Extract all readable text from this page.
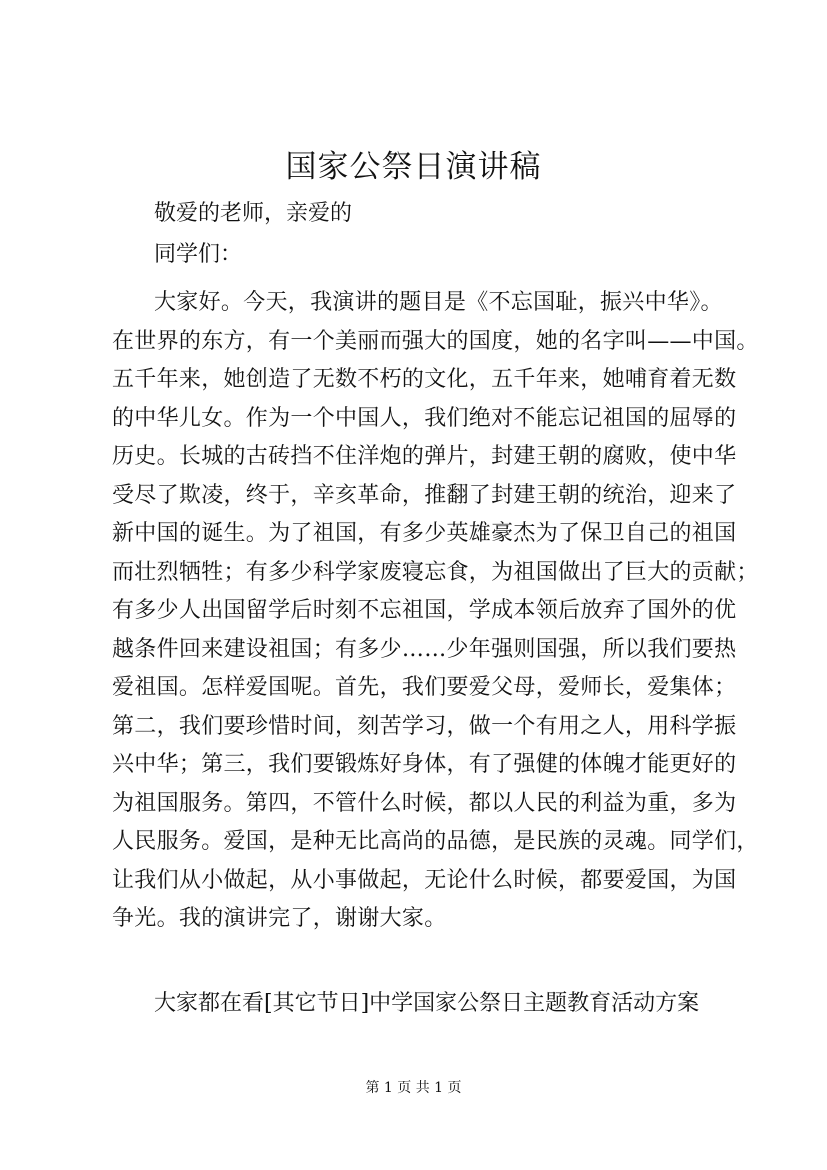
国家公祭日演讲稿
敬爱的老师，亲爱的
同学们：
大家好。今天，我演讲的题目是《不忘国耻，振兴中华》。
在世界的东方，有一个美丽而强大的国度，她的名字叫——中国。
五千年来，她创造了无数不朽的文化，五千年来，她哺育着无数
的中华儿女。作为一个中国人，我们绝对不能忘记祖国的屈辱的
历史。长城的古砖挡不住洋炮的弹片，封建王朝的腐败，使中华
受尽了欺凌，终于，辛亥革命，推翻了封建王朝的统治，迎来了
新中国的诞生。为了祖国，有多少英雄豪杰为了保卫自己的祖国
而壮烈牺牲；有多少科学家废寝忘食，为祖国做出了巨大的贡献；
有多少人出国留学后时刻不忘祖国，学成本领后放弃了国外的优
越条件回来建设祖国；有多少……少年强则国强，所以我们要热
爱祖国。怎样爱国呢。首先，我们要爱父母，爱师长，爱集体；
第二，我们要珍惜时间，刻苦学习，做一个有用之人，用科学振
兴中华；第三，我们要锻炼好身体，有了强健的体魄才能更好的
为祖国服务。第四，不管什么时候，都以人民的利益为重，多为
人民服务。爱国，是种无比高尚的品德，是民族的灵魂。同学们，
让我们从小做起，从小事做起，无论什么时候，都要爱国，为国
争光。我的演讲完了，谢谢大家。
大家都在看[其它节日]中学国家公祭日主题教育活动方案
第 1 页 共 1 页
